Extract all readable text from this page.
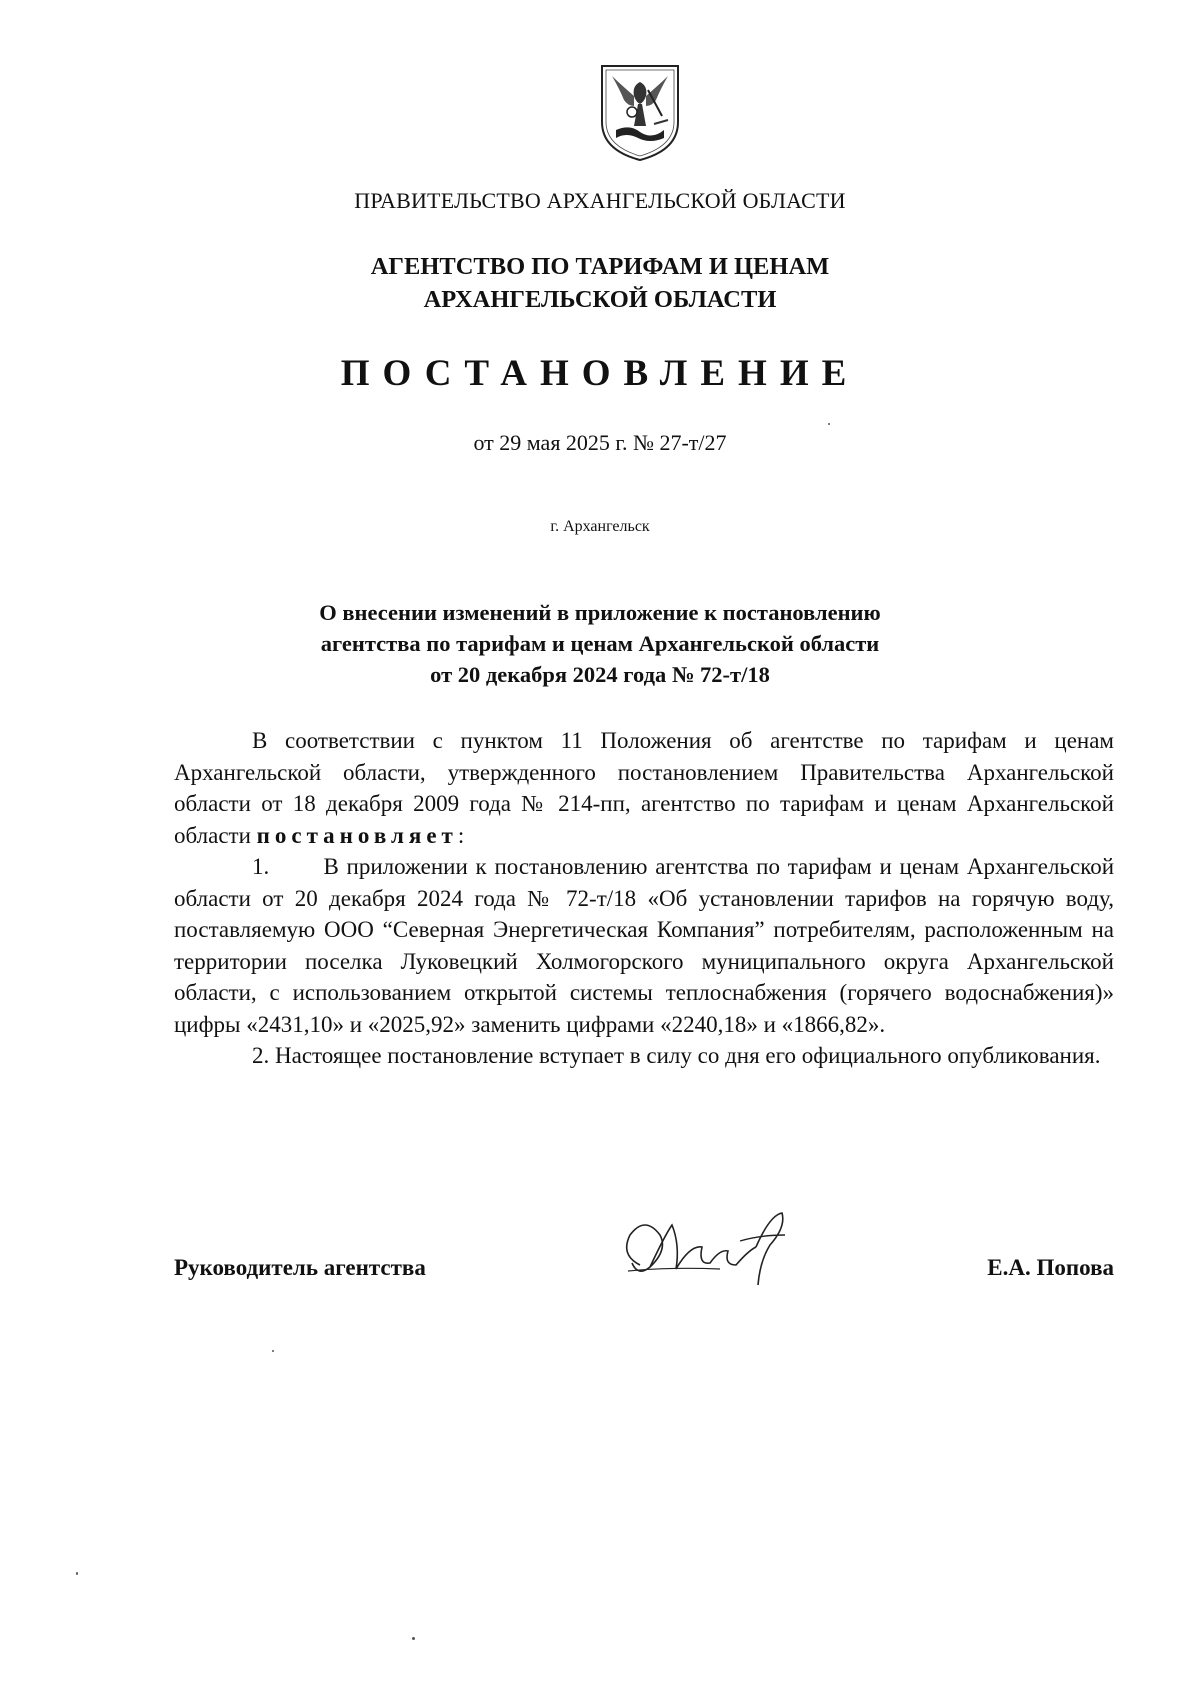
ПРАВИТЕЛЬСТВО АРХАНГЕЛЬСКОЙ ОБЛАСТИ
АГЕНТСТВО ПО ТАРИФАМ И ЦЕНАМ
АРХАНГЕЛЬСКОЙ ОБЛАСТИ
ПОСТАНОВЛЕНИЕ
от 29 мая 2025 г. № 27-т/27
г. Архангельск
О внесении изменений в приложение к постановлению
агентства по тарифам и ценам Архангельской области
от 20 декабря 2024 года № 72-т/18

В соответствии с пунктом 11 Положения об агентстве по тарифам и ценам Архангельской области, утвержденного постановлением Правительства Архангельской области от 18 декабря 2009 года № 214-пп, агентство по тарифам и ценам Архангельской области постановляет:

1. В приложении к постановлению агентства по тарифам и ценам Архангельской области от 20 декабря 2024 года № 72-т/18 «Об установлении тарифов на горячую воду, поставляемую ООО “Северная Энергетическая Компания” потребителям, расположенным на территории поселка Луковецкий Холмогорского муниципального округа Архангельской области, с использованием открытой системы теплоснабжения (горячего водоснабжения)» цифры «2431,10» и «2025,92» заменить цифрами «2240,18» и «1866,82».

2. Настоящее постановление вступает в силу со дня его официального опубликования.

Руководитель агентства	Е.А. Попова
